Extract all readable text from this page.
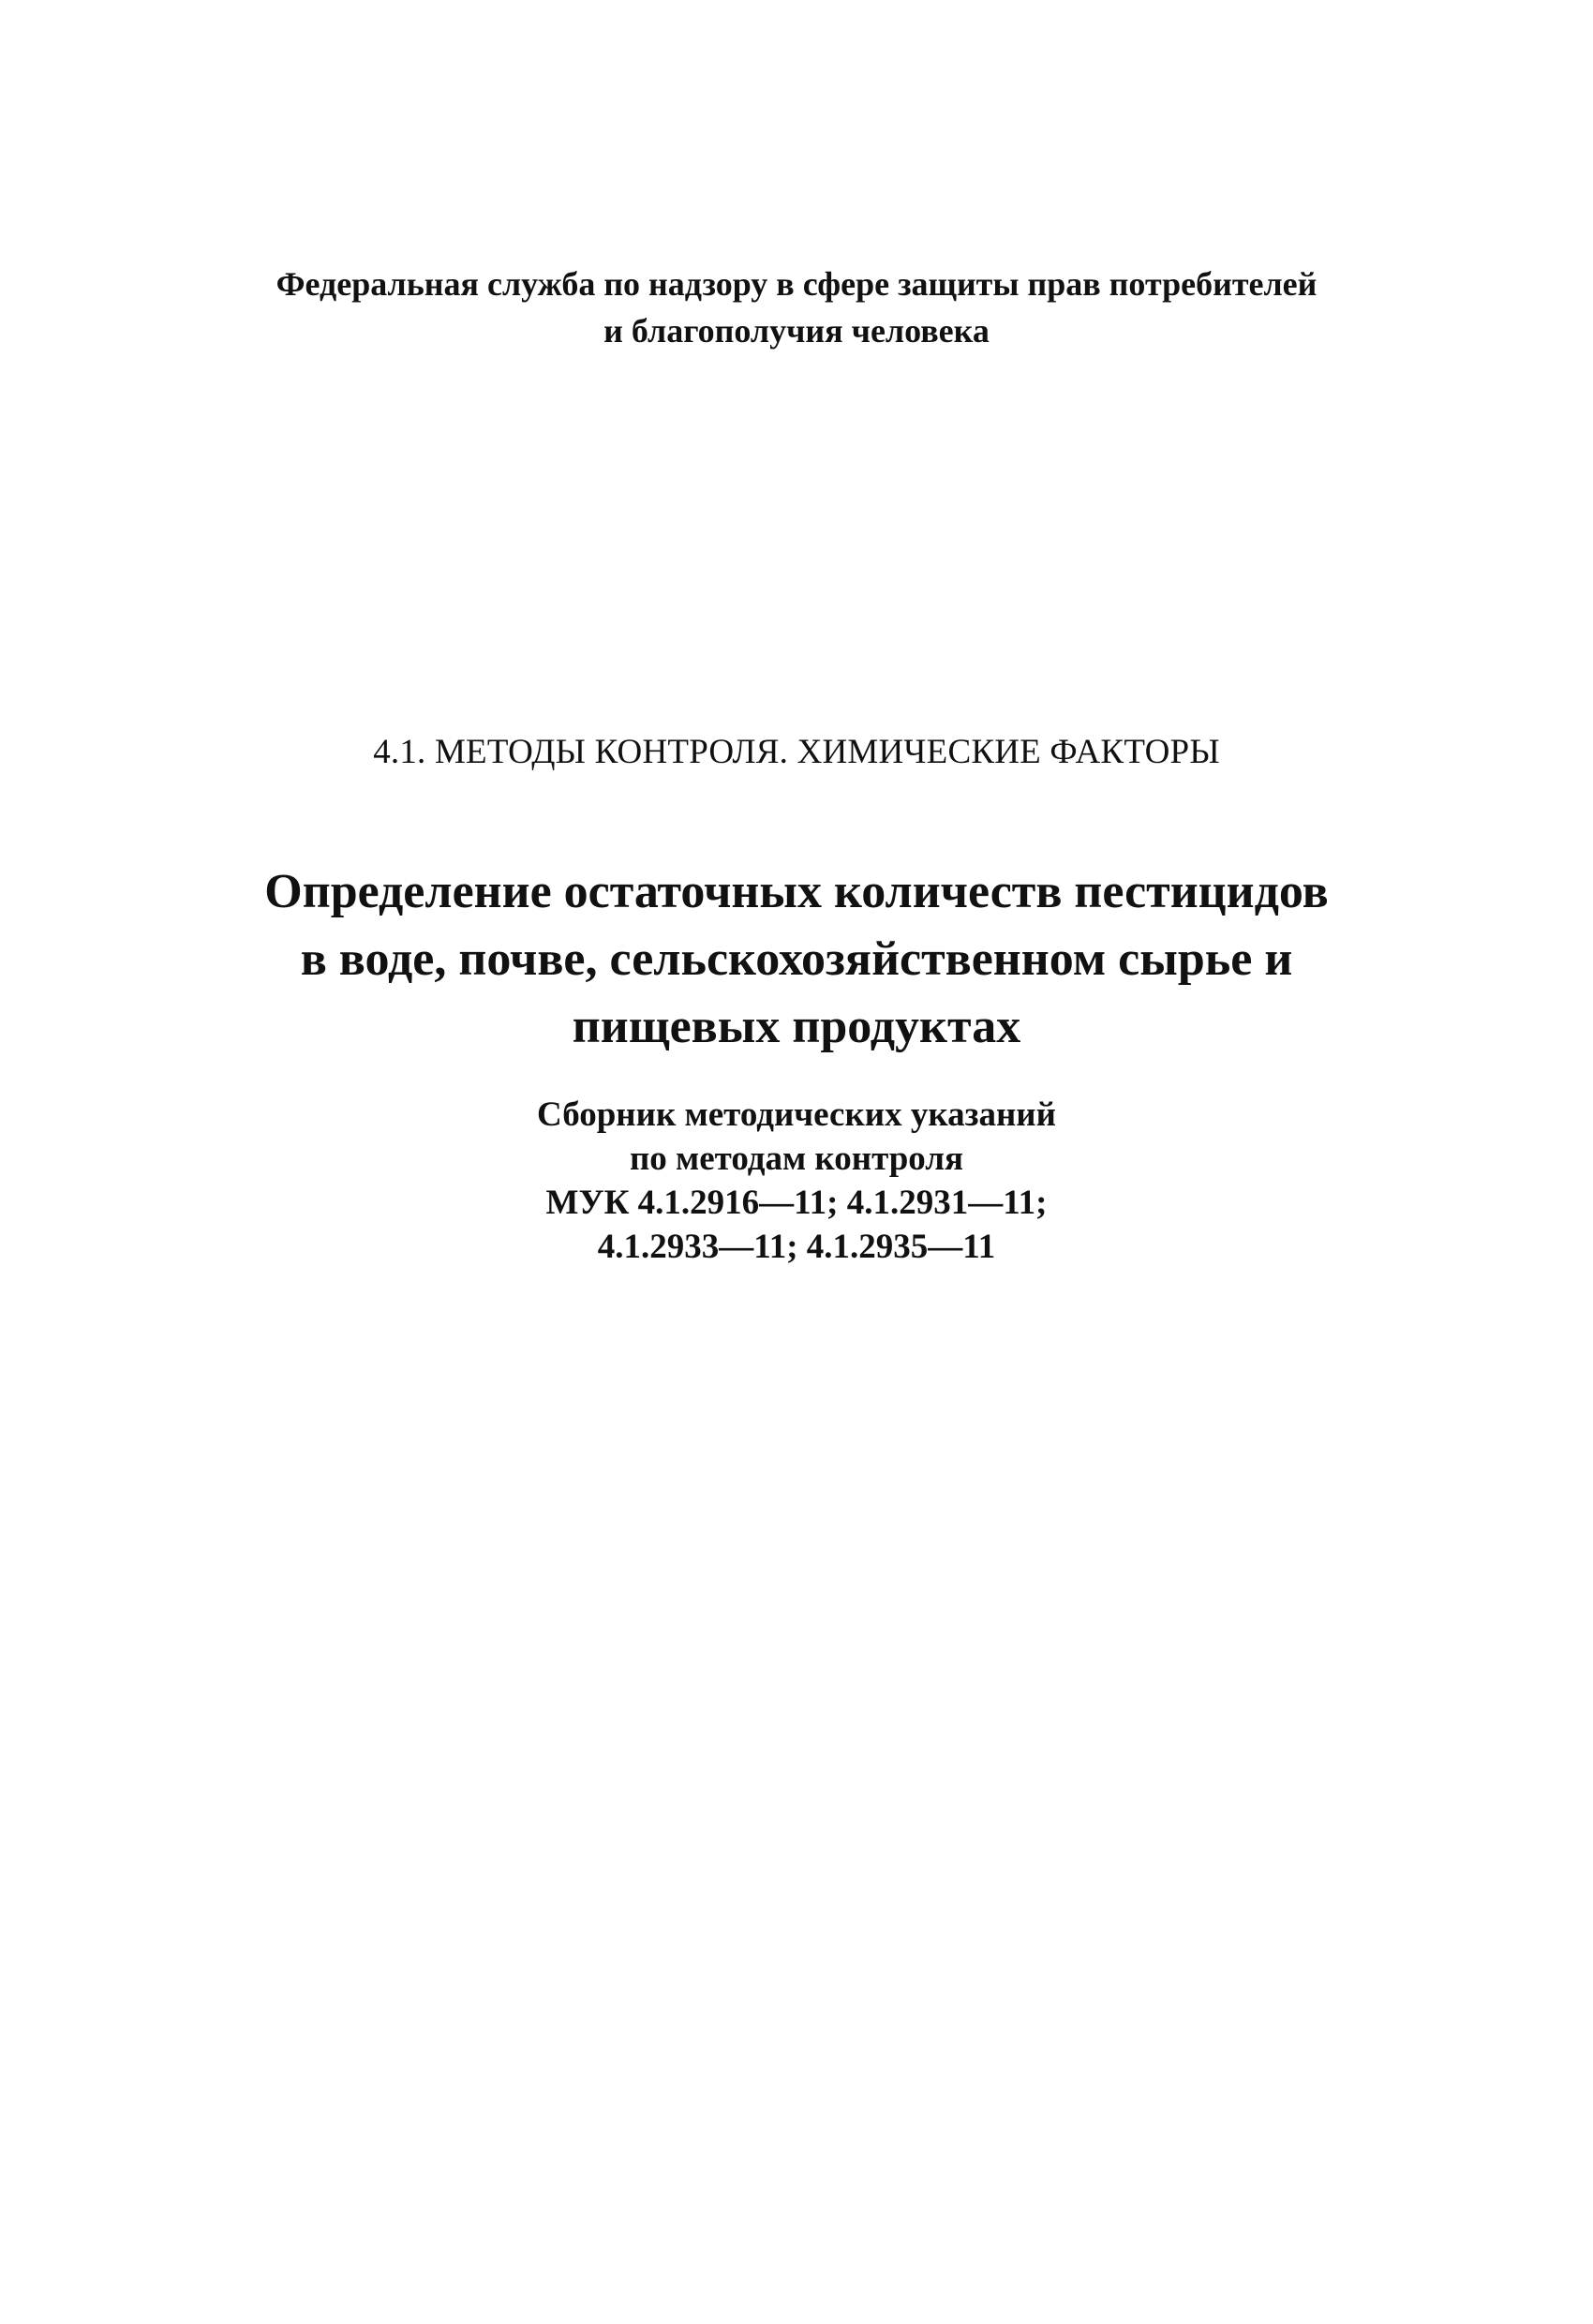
Федеральная служба по надзору в сфере защиты прав потребителей
и благополучия человека
4.1. МЕТОДЫ КОНТРОЛЯ. ХИМИЧЕСКИЕ ФАКТОРЫ
Определение остаточных количеств пестицидов
в воде, почве, сельскохозяйственном сырье и
пищевых продуктах
Сборник методических указаний
по методам контроля
МУК 4.1.2916—11; 4.1.2931—11;
4.1.2933—11; 4.1.2935—11
